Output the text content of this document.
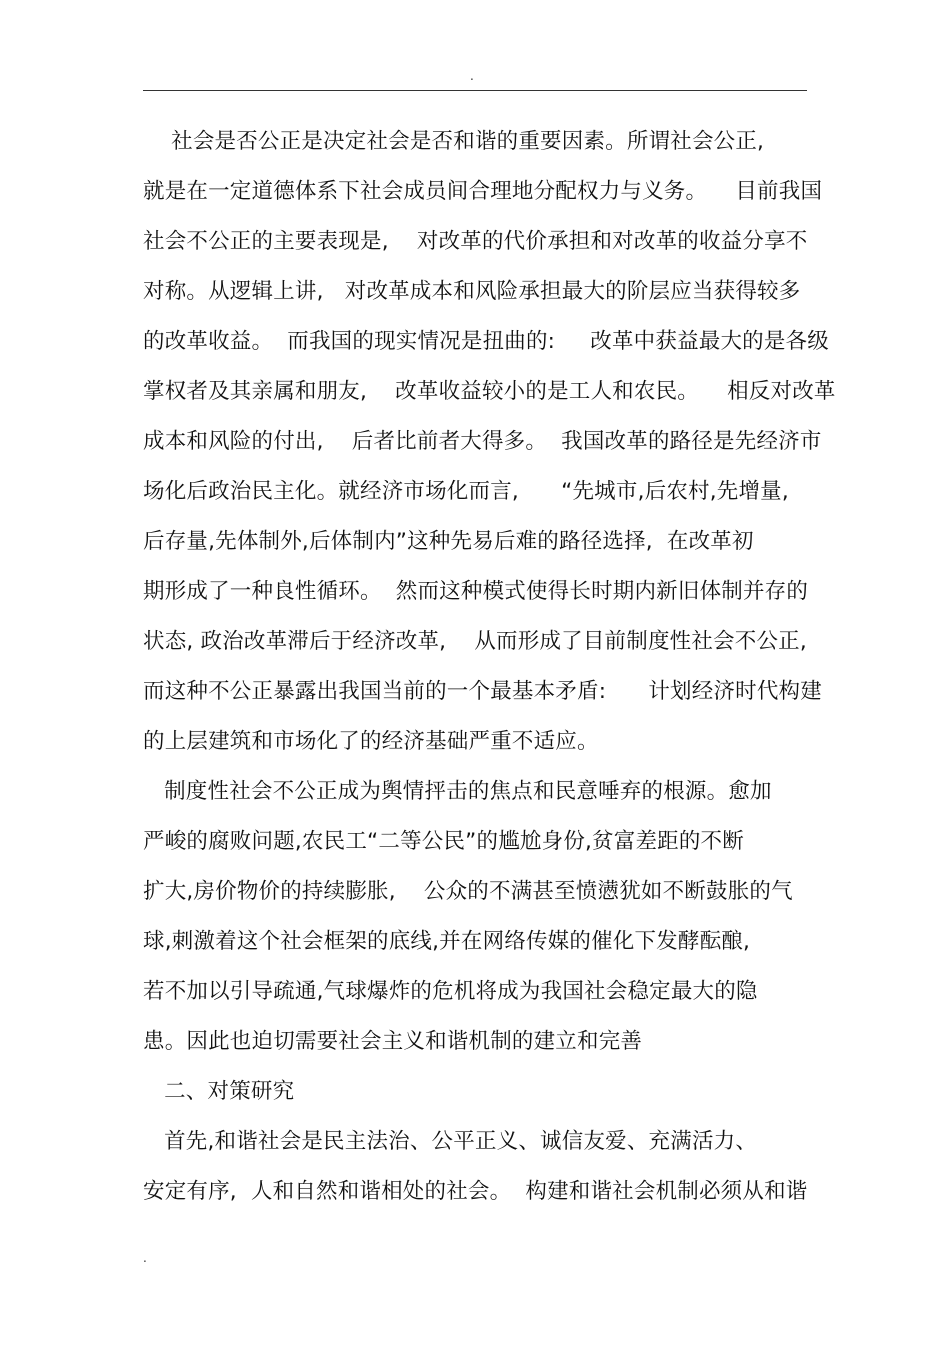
.
社会是否公正是决定社会是否和谐的重要因素。所谓社会公正,
就是在一定道德体系下社会成员间合理地分配权力与义务。    目前我国
社会不公正的主要表现是,    对改革的代价承担和对改革的收益分享不
对称。从逻辑上讲,   对改革成本和风险承担最大的阶层应当获得较多
的改革收益。  而我国的现实情况是扭曲的:     改革中获益最大的是各级
掌权者及其亲属和朋友,    改革收益较小的是工人和农民。    相反对改革
成本和风险的付出,    后者比前者大得多。  我国改革的路径是先经济市
场化后政治民主化。就经济市场化而言,      “先城市,后农村,先增量,
后存量,先体制外,后体制内”这种先易后难的路径选择,  在改革初
期形成了一种良性循环。  然而这种模式使得长时期内新旧体制并存的
状态, 政治改革滞后于经济改革,    从而形成了目前制度性社会不公正,
而这种不公正暴露出我国当前的一个最基本矛盾:      计划经济时代构建
的上层建筑和市场化了的经济基础严重不适应。
制度性社会不公正成为舆情抨击的焦点和民意唾弃的根源。愈加
严峻的腐败问题,农民工“二等公民”的尴尬身份,贫富差距的不断
扩大,房价物价的持续膨胀,    公众的不满甚至愤懑犹如不断鼓胀的气
球,刺激着这个社会框架的底线,并在网络传媒的催化下发酵酝酿,
若不加以引导疏通,气球爆炸的危机将成为我国社会稳定最大的隐
患。因此也迫切需要社会主义和谐机制的建立和完善
二、对策研究
首先,和谐社会是民主法治、公平正义、诚信友爱、充满活力、
安定有序,  人和自然和谐相处的社会。  构建和谐社会机制必须从和谐
.
